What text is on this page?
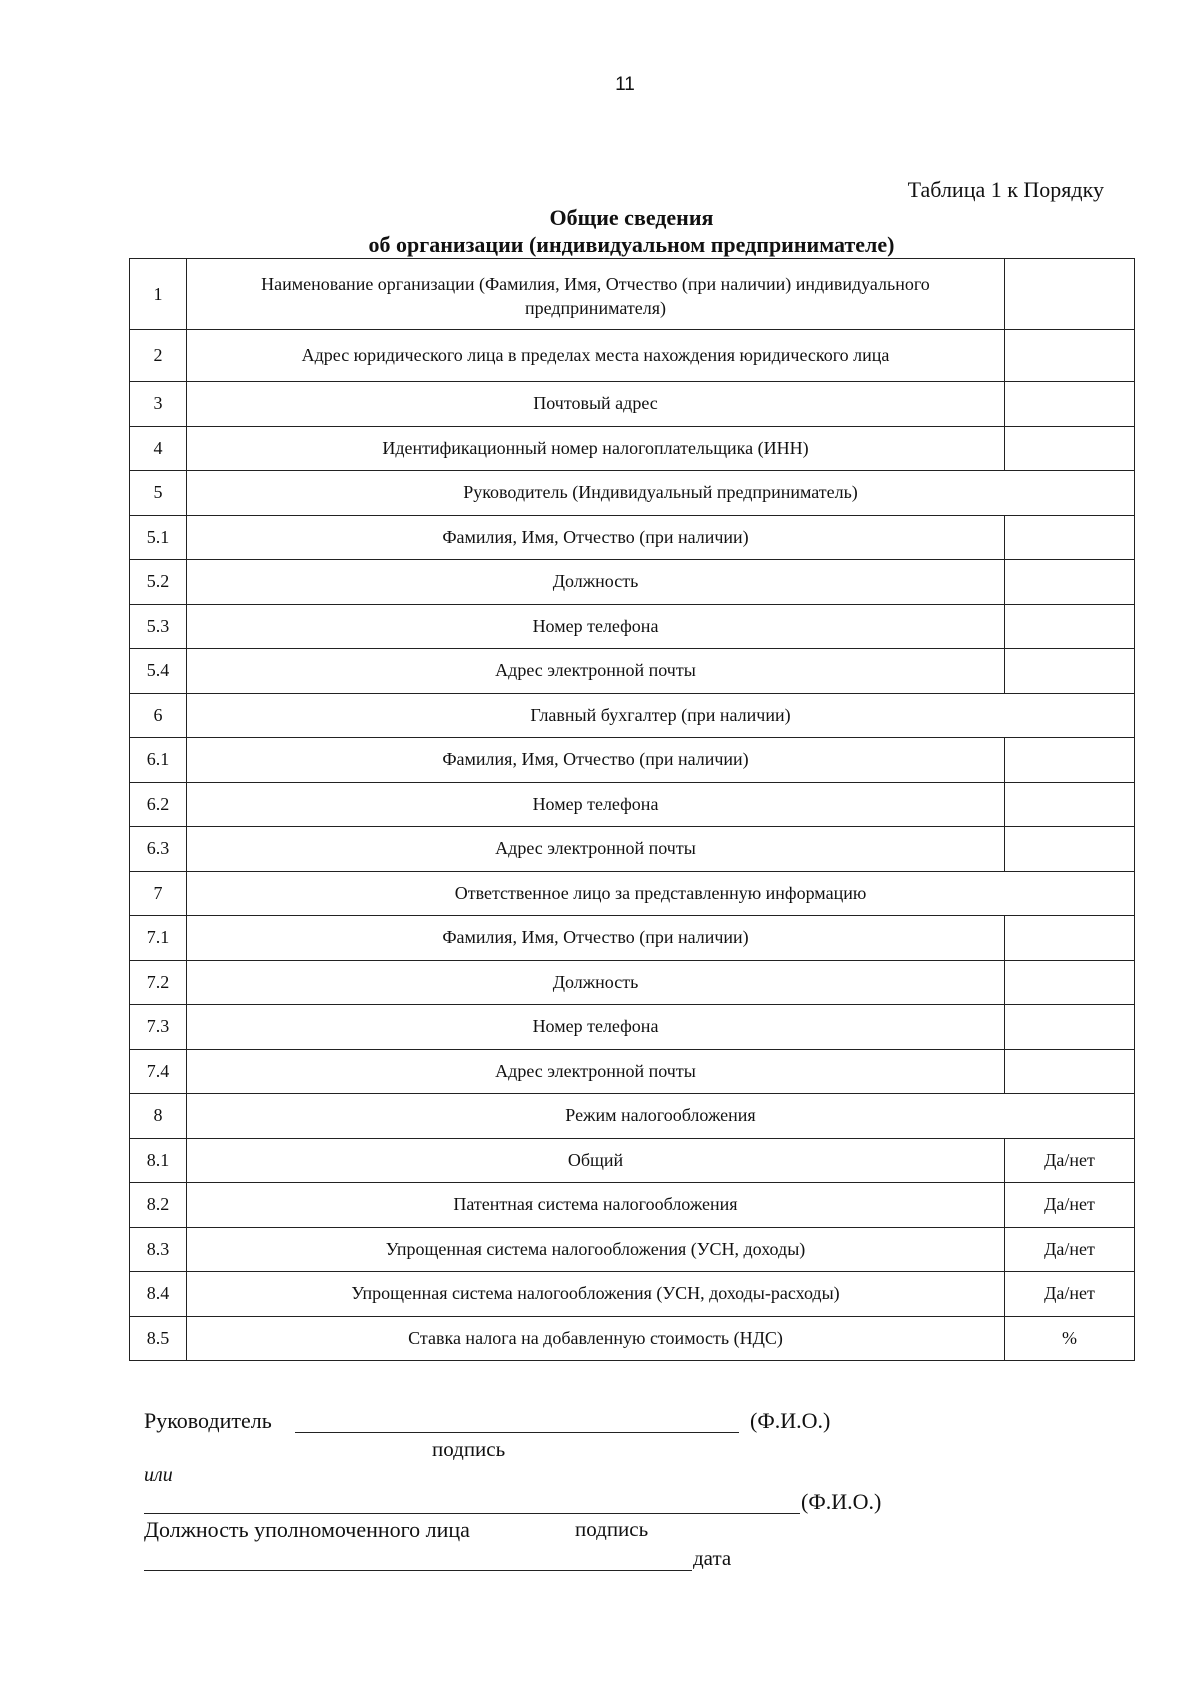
11
Таблица 1 к Порядку
Общие сведения
об организации (индивидуальном предпринимателе)
1	Наименование организации (Фамилия, Имя, Отчество (при наличии) индивидуального предпринимателя)	
2	Адрес юридического лица в пределах места нахождения юридического лица	
3	Почтовый адрес	
4	Идентификационный номер налогоплательщика (ИНН)	
5	Руководитель (Индивидуальный предприниматель)	
5.1	Фамилия, Имя, Отчество (при наличии)	
5.2	Должность	
5.3	Номер телефона	
5.4	Адрес электронной почты	
6	Главный бухгалтер (при наличии)	
6.1	Фамилия, Имя, Отчество (при наличии)	
6.2	Номер телефона	
6.3	Адрес электронной почты	
7	Ответственное лицо за представленную информацию	
7.1	Фамилия, Имя, Отчество (при наличии)	
7.2	Должность	
7.3	Номер телефона	
7.4	Адрес электронной почты	
8	Режим налогообложения	
8.1	Общий	Да/нет
8.2	Патентная система налогообложения	Да/нет
8.3	Упрощенная система налогообложения (УСН, доходы)	Да/нет
8.4	Упрощенная система налогообложения (УСН, доходы-расходы)	Да/нет
8.5	Ставка налога на добавленную стоимость (НДС)	%
Руководитель	(Ф.И.О.)
подпись
или
(Ф.И.О.)
Должность уполномоченного лица	подпись
дата
